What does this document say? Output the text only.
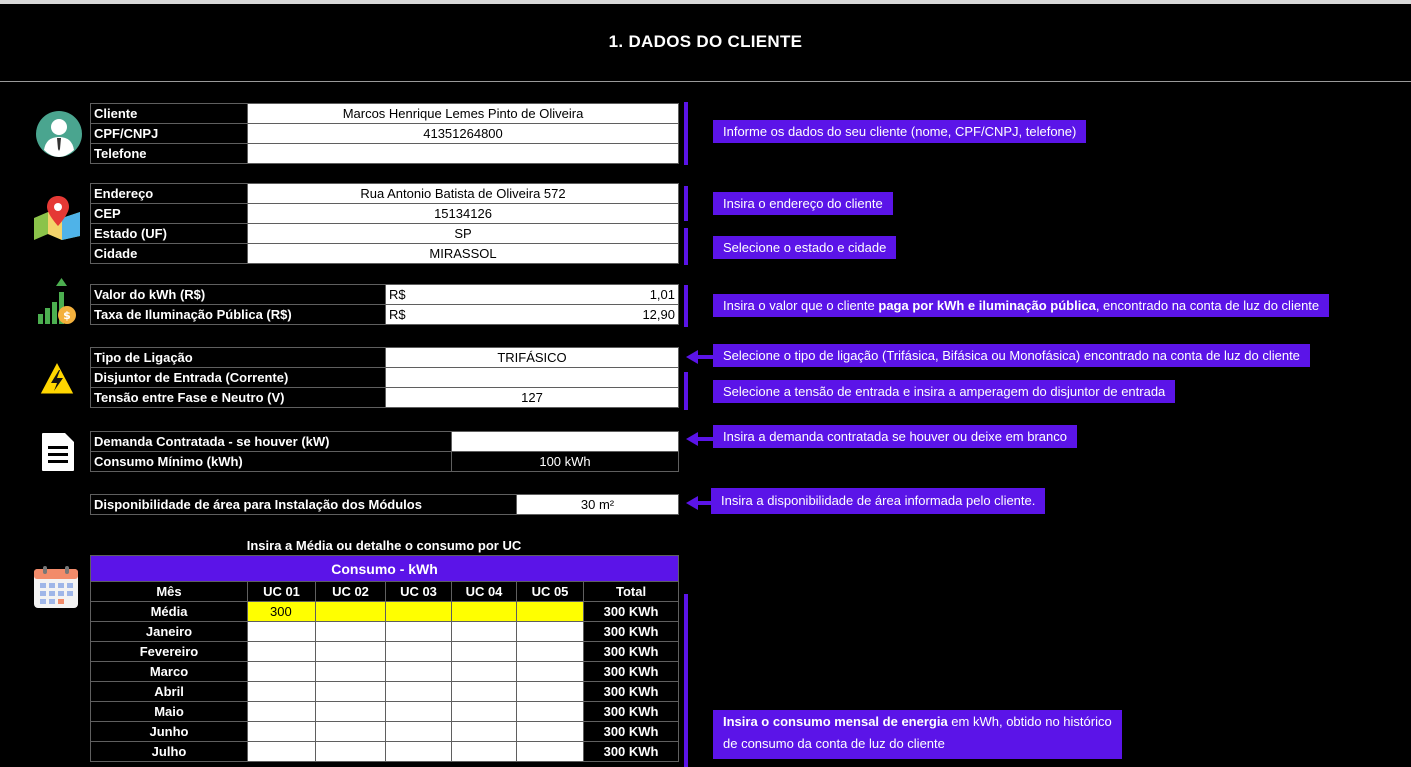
1. DADOS DO CLIENTE
$
Cliente	Marcos Henrique Lemes Pinto de Oliveira
CPF/CNPJ	41351264800
Telefone	
Informe os dados do seu cliente (nome, CPF/CNPJ, telefone)
Endereço	Rua Antonio Batista de Oliveira 572
CEP	15134126
Estado (UF)	SP
Cidade	MIRASSOL
Insira o endereço do cliente
Selecione o estado e cidade
Valor do kWh (R$)	R$ 1,01

Taxa de Iluminação Pública (R$)	R$ 12,90
Insira o valor que o cliente paga por kWh e iluminação pública, encontrado na conta de luz do cliente
Tipo de Ligação	TRIFÁSICO
Disjuntor de Entrada (Corrente)	
Tensão entre Fase e Neutro (V)	127
Selecione o tipo de ligação (Trifásica, Bifásica ou Monofásica) encontrado na conta de luz do cliente
Selecione a tensão de entrada e insira a amperagem do disjuntor de entrada
Demanda Contratada - se houver (kW)	
Consumo Mínimo (kWh)	100 kWh
Insira a demanda contratada se houver ou deixe em branco
Disponibilidade de área para Instalação dos Módulos	30 m²	Insira a disponibilidade de área informada pelo cliente.
Insira a Média ou detalhe o consumo por UC
Consumo - kWh						
Mês	UC 01	UC 02	UC 03	UC 04	UC 05	Total
Média	300					300 KWh
Janeiro						300 KWh
Fevereiro						300 KWh
Marco						300 KWh
Abril						300 KWh
Maio						300 KWh
Junho						300 KWh
Julho						300 KWh
Insira o consumo mensal de energia em kWh, obtido no histórico
de consumo da conta de luz do cliente
